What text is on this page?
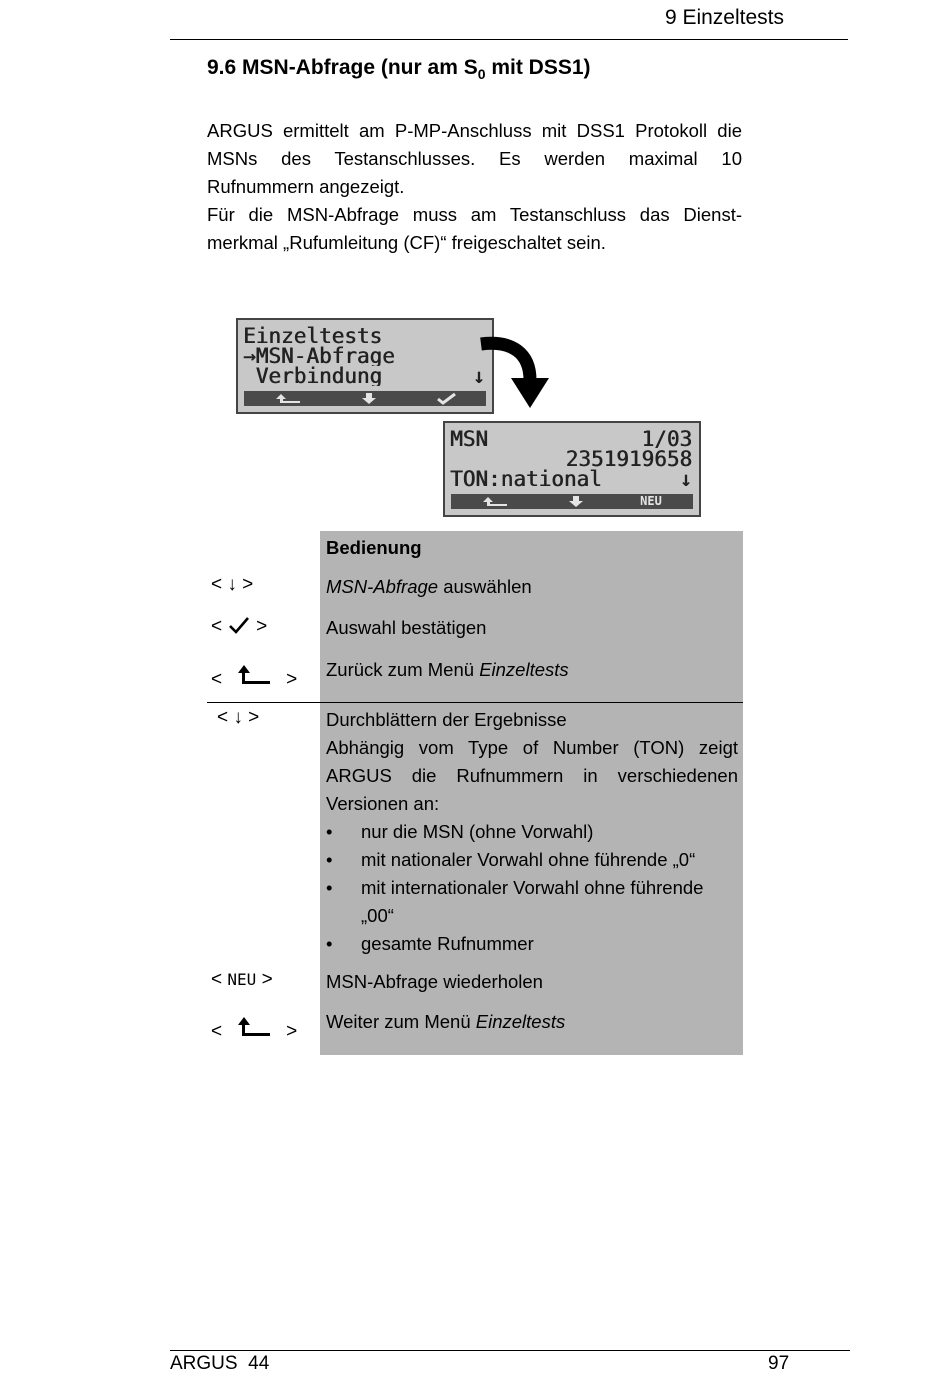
9 Einzeltests
9.6 MSN-Abfrage (nur am $S_0$ mit DSS1)

ARGUS ermittelt am P-MP-Anschluss mit DSS1 Protokoll die MSNs des Testanschlusses. Es werden maximal 10 Rufnummern angezeigt.

Für die MSN-Abfrage muss am Testanschluss das Dienst-merkmal „Rufumleitung (CF)“ freigeschaltet sein.

Einzeltests
→MSN-Abfrage
Verbindung	↓
MSN	1/03
2351919658
TON:national	↓
NEU
Bedienung
< ↓ >	MSN-Abfrage auswählen
< >	Auswahl bestätigen
<	> Zurück zum Menü Einzeltests
< ↓ >	Durchblättern der Ergebnisse
Abhängig vom Type of Number (TON) zeigt ARGUS die Rufnummern in verschiedenen Versionen an:
• nur die MSN (ohne Vorwahl)
• mit nationaler Vorwahl ohne führende „0“
• mit internationaler Vorwahl ohne führende „00“
• gesamte Rufnummer
< NEU >	MSN-Abfrage wiederholen
<	> Weiter zum Menü Einzeltests
ARGUS  44	97
